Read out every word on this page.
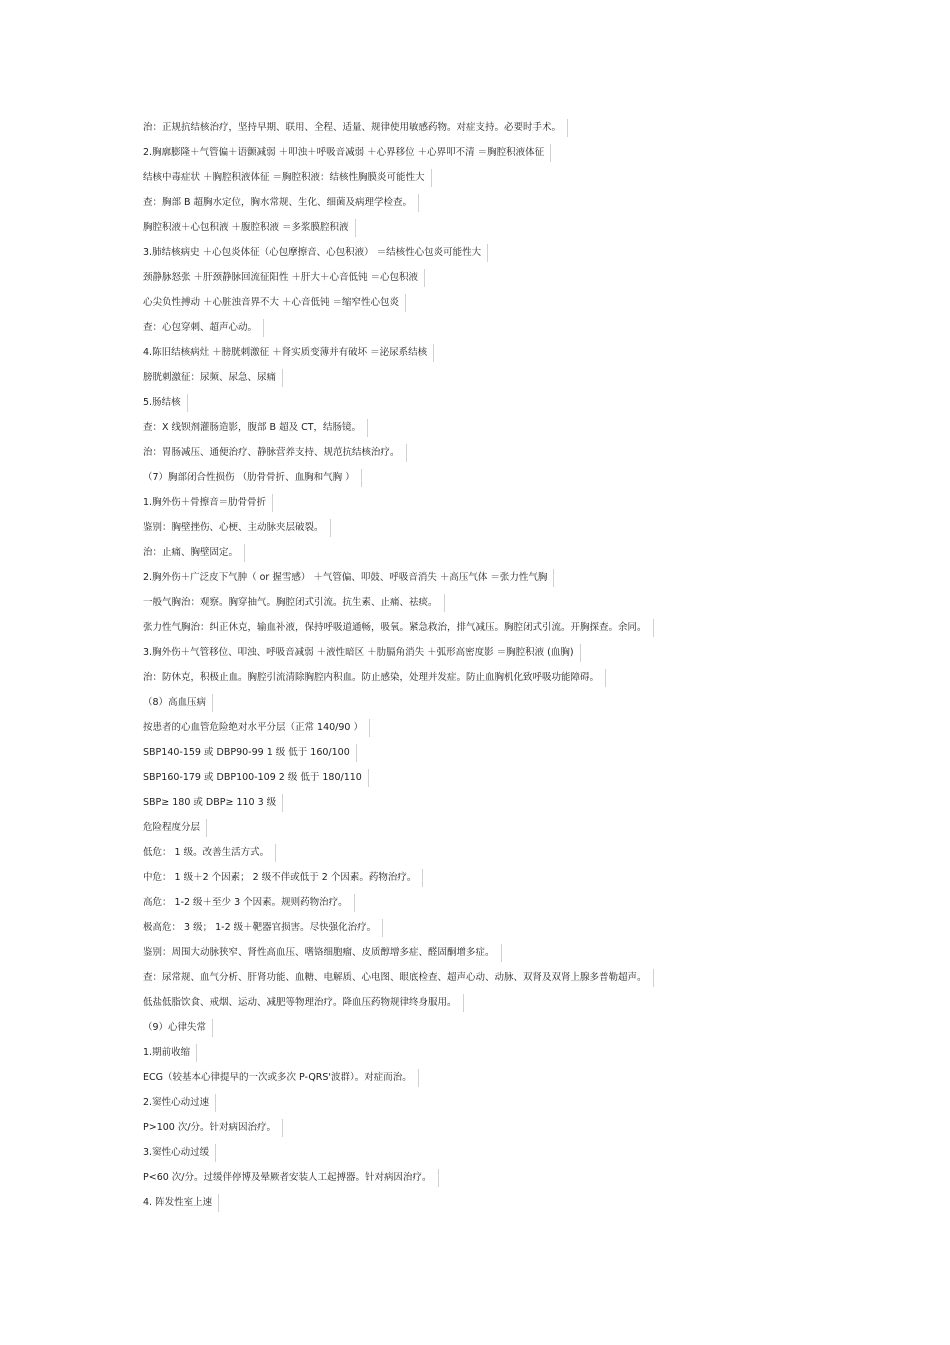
治：正规抗结核治疗，坚持早期、联用、全程、适量、规律使用敏感药物。对症支持。必要时手术。
2.胸廓膨隆＋气管偏＋语颤减弱 ＋叩浊＋呼吸音减弱 ＋心界移位 ＋心界叩不清 ＝胸腔积液体征
结核中毒症状 ＋胸腔积液体征 ＝胸腔积液：结核性胸膜炎可能性大
查：胸部 B 超胸水定位，胸水常规、生化、细菌及病理学检查。
胸腔积液＋心包积液 ＋腹腔积液 ＝多浆膜腔积液
3.肺结核病史 ＋心包炎体征（心包摩擦音、心包积液） ＝结核性心包炎可能性大
颈静脉怒张 ＋肝颈静脉回流征阳性 ＋肝大＋心音低钝 ＝心包积液
心尖负性搏动 ＋心脏浊音界不大 ＋心音低钝 ＝缩窄性心包炎
查：心包穿刺、超声心动。
4.陈旧结核病灶 ＋膀胱刺激征 ＋肾实质变薄并有破坏 ＝泌尿系结核
膀胱刺激征：尿频、尿急、尿痛
5.肠结核
查：X 线钡剂灌肠造影，腹部 B 超及 CT，结肠镜。
治：胃肠减压、通便治疗、静脉营养支持、规范抗结核治疗。
（7）胸部闭合性损伤 （肋骨骨折、血胸和气胸 ）
1.胸外伤＋骨擦音＝肋骨骨折
鉴别：胸壁挫伤、心梗、主动脉夹层破裂。
治：止痛、胸壁固定。
2.胸外伤＋广泛皮下气肿（ or 握雪感） ＋气管偏、叩鼓、呼吸音消失 ＋高压气体 ＝张力性气胸
一般气胸治：观察。胸穿抽气。胸腔闭式引流。抗生素、止痛、祛痰。
张力性气胸治：纠正休克，输血补液，保持呼吸道通畅，吸氧。紧急救治，排气减压。胸腔闭式引流。开胸探查。余同。
3.胸外伤＋气管移位、叩浊、呼吸音减弱 ＋液性暗区 ＋肋膈角消失 ＋弧形高密度影 ＝胸腔积液 (血胸)
治：防休克，积极止血。胸腔引流清除胸腔内积血。防止感染，处理并发症。防止血胸机化致呼吸功能障碍。
（8）高血压病
按患者的心血管危险绝对水平分层（正常 140/90 ）
SBP140-159 或 DBP90-99 1 级 低于 160/100
SBP160-179 或 DBP100-109 2 级 低于 180/110
SBP≥ 180 或 DBP≥ 110 3 级
危险程度分层
低危： 1 级。改善生活方式。
中危： 1 级＋2 个因素； 2 级不伴或低于 2 个因素。药物治疗。
高危： 1-2 级＋至少 3 个因素。规则药物治疗。
极高危： 3 级； 1-2 级＋靶器官损害。尽快强化治疗。
鉴别：周围大动脉狭窄、肾性高血压、嗜铬细胞瘤、皮质醇增多症、醛固酮增多症。
查：尿常规、血气分析、肝肾功能、血糖、电解质、心电图、眼底检查、超声心动、动脉、双肾及双肾上腺多普勒超声。
低盐低脂饮食、戒烟、运动、减肥等物理治疗。降血压药物规律终身服用。
（9）心律失常
1.期前收缩
ECG（较基本心律提早的一次或多次 P-QRS'波群）。对症而治。
2.窦性心动过速
P>100 次/分。针对病因治疗。
3.窦性心动过缓
P<60 次/分。过缓伴停博及晕厥者安装人工起搏器。针对病因治疗。
4. 阵发性室上速
